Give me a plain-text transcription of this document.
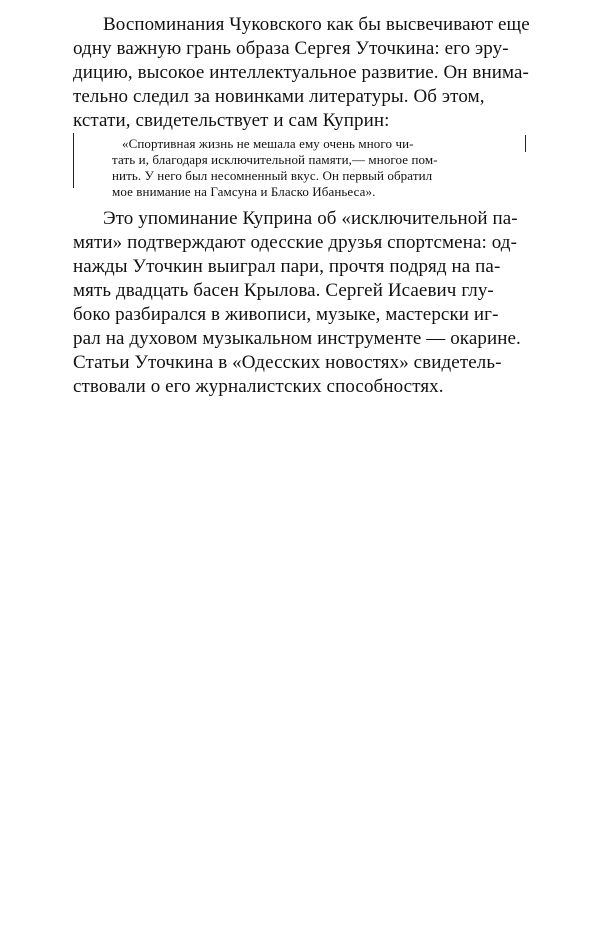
Воспоминания Чуковского как бы высвечивают еще
одну важную грань образа Сергея Уточкина: его эру-
дицию, высокое интеллектуальное развитие. Он внима-
тельно следил за новинками литературы. Об этом,
кстати, свидетельствует и сам Куприн:
«Спортивная жизнь не мешала ему очень много чи-
тать и, благодаря исключительной памяти,— многое пом-
нить. У него был несомненный вкус. Он первый обратил
мое внимание на Гамсуна и Бласко Ибаньеса».
Это упоминание Куприна об «исключительной па-
мяти» подтверждают одесские друзья спортсмена: од-
нажды Уточкин выиграл пари, прочтя подряд на па-
мять двадцать басен Крылова. Сергей Исаевич глу-
боко разбирался в живописи, музыке, мастерски иг-
рал на духовом музыкальном инструменте — окарине.
Статьи Уточкина в «Одесских новостях» свидетель-
ствовали о его журналистских способностях.
